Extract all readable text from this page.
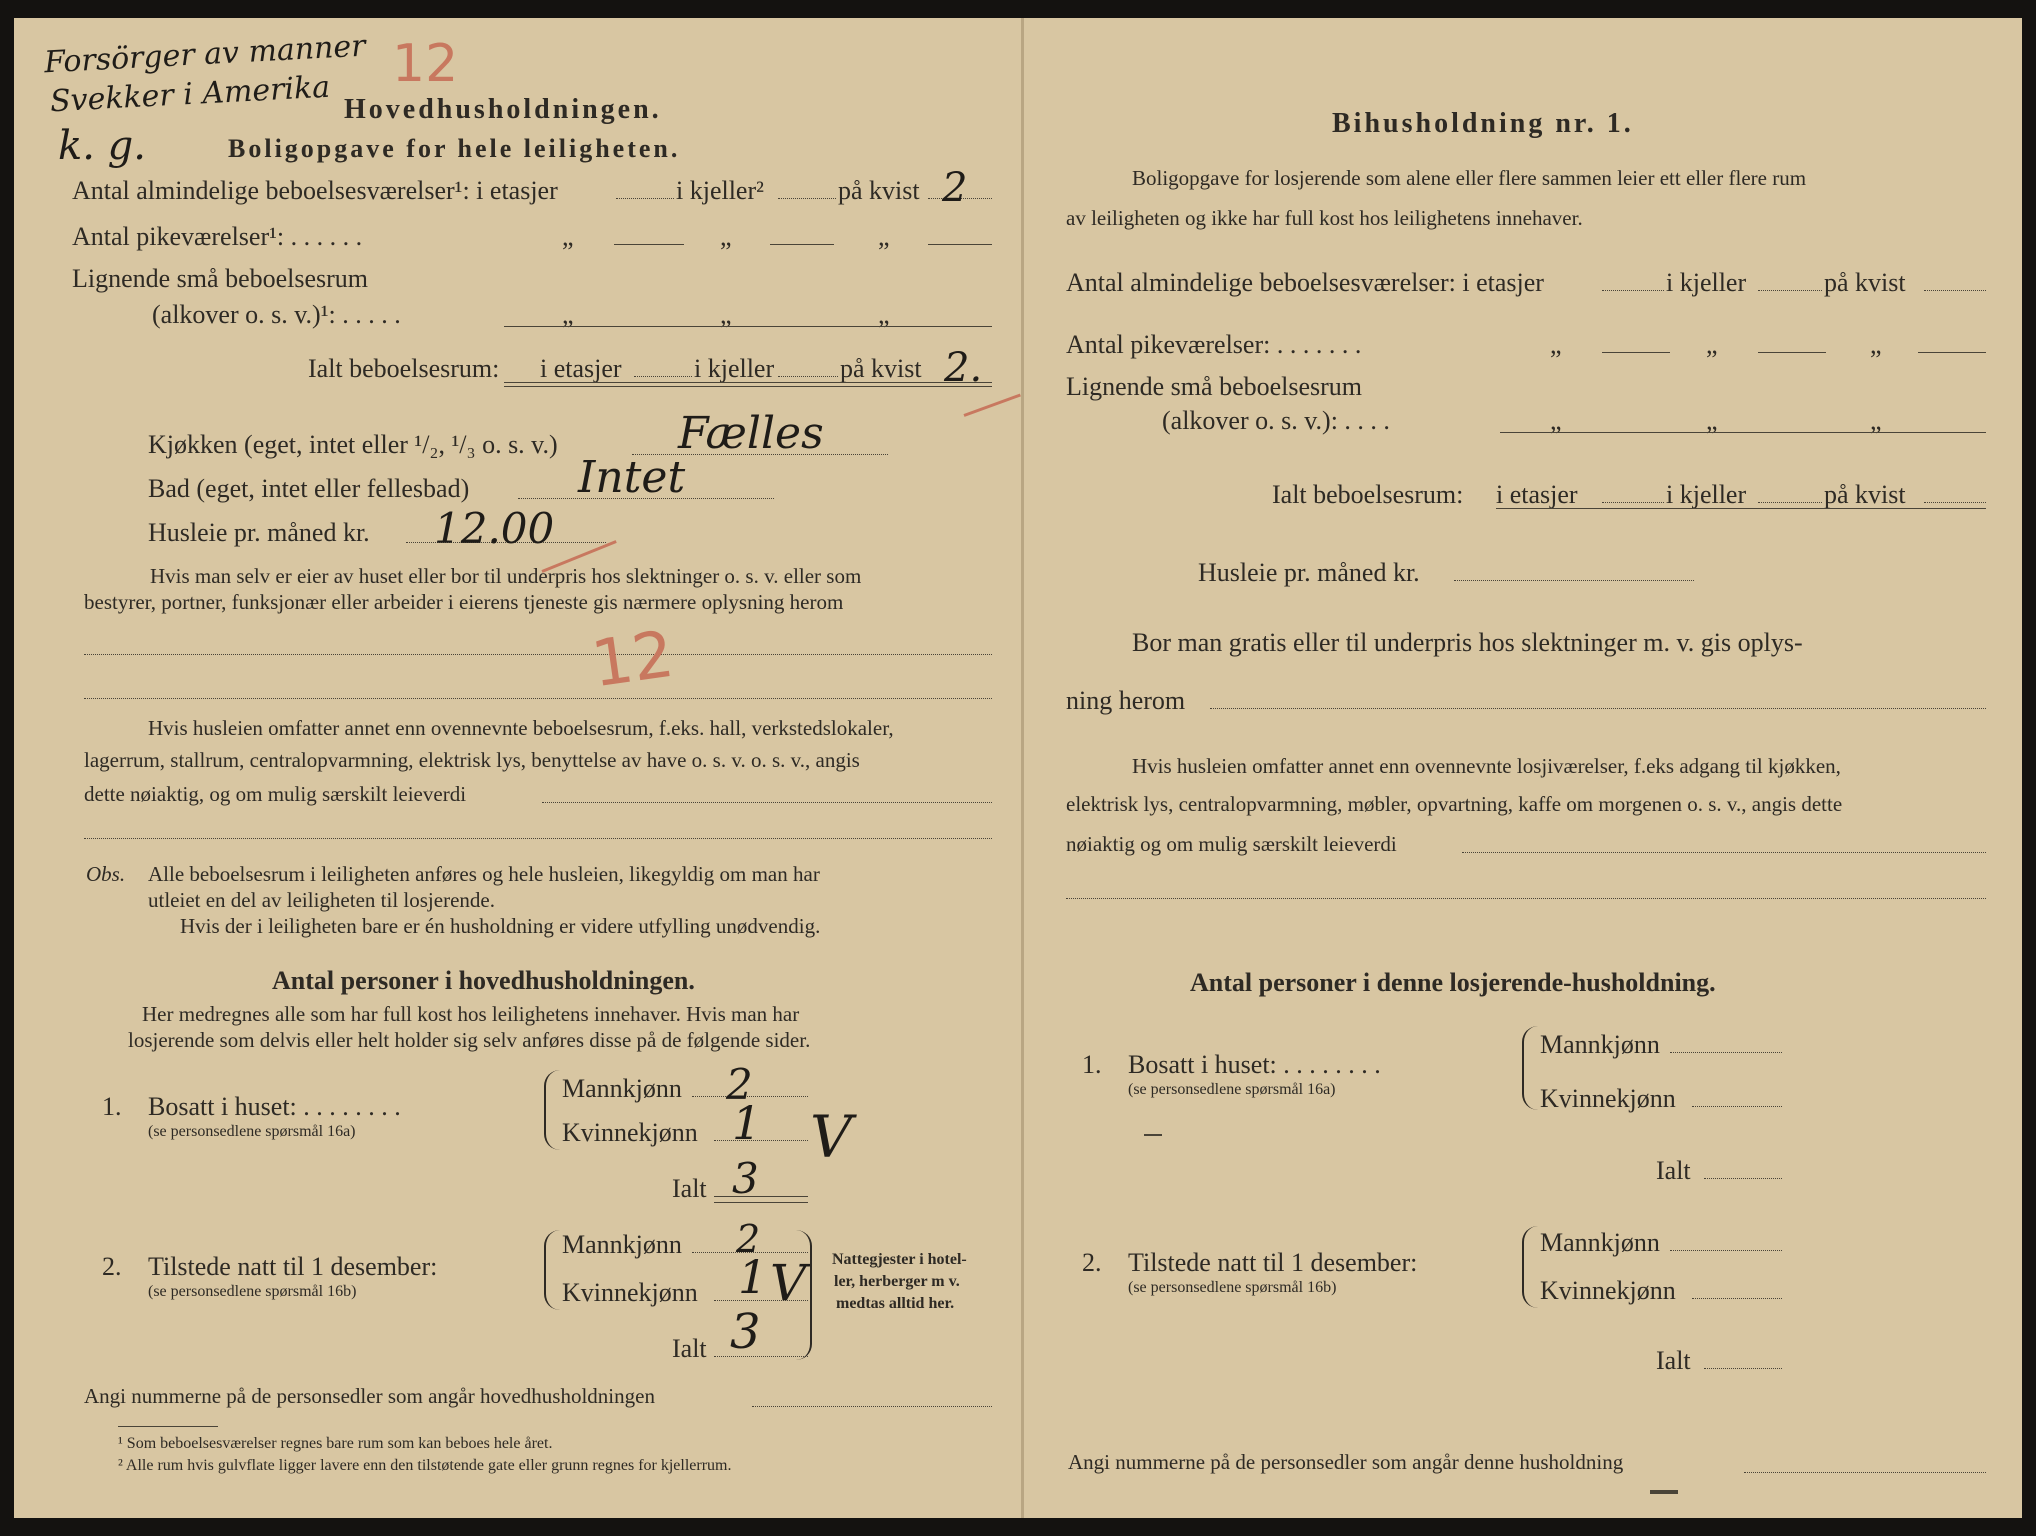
Forsörger av manner
Svekker i Amerika
k. g.
12
Hovedhusholdningen.
Boligopgave for hele leiligheten.
Antal almindelige beboelsesværelser¹: i etasjer	i kjeller²	på kvist 2
Antal pikeværelser¹: . . . . . .	„	„	„
Lignende små beboelsesrum
(alkover o. s. v.)¹: . . . . .	„	„	„
Ialt beboelsesrum: i etasjer	i kjeller	på kvist 2.
Kjøkken (eget, intet eller ¹/₂, ¹/₃ o. s. v.)	Fælles
Bad (eget, intet eller fellesbad) Intet
Husleie pr. måned kr. 12.00
Hvis man selv er eier av huset eller bor til underpris hos slektninger o. s. v. eller som
bestyrer, portner, funksjonær eller arbeider i eierens tjeneste gis nærmere oplysning herom
12
Hvis husleien omfatter annet enn ovennevnte beboelsesrum, f.eks. hall, verkstedslokaler,
lagerrum, stallrum, centralopvarmning, elektrisk lys, benyttelse av have o. s. v. o. s. v., angis
dette nøiaktig, og om mulig særskilt leieverdi
Obs. Alle beboelsesrum i leiligheten anføres og hele husleien, likegyldig om man har
utleiet en del av leiligheten til losjerende.
Hvis der i leiligheten bare er én husholdning er videre utfylling unødvendig.
Antal personer i hovedhusholdningen.
Her medregnes alle som har full kost hos leilighetens innehaver. Hvis man har
losjerende som delvis eller helt holder sig selv anføres disse på de følgende sider.
1. Bosatt i huset: . . . . . . . .
(se personsedlene spørsmål 16a)
Mannkjønn 2
Kvinnekjønn 1 V
Ialt 3
2. Tilstede natt til 1 desember:
(se personsedlene spørsmål 16b)
Mannkjønn 2
Kvinnekjønn 1 V
Ialt 3
Nattegjester i hotel-
ler, herberger m v.
medtas alltid her.
Angi nummerne på de personsedler som angår hovedhusholdningen
¹ Som beboelsesværelser regnes bare rum som kan beboes hele året.
² Alle rum hvis gulvflate ligger lavere enn den tilstøtende gate eller grunn regnes for kjellerrum.
Bihusholdning nr. 1.
Boligopgave for losjerende som alene eller flere sammen leier ett eller flere rum
av leiligheten og ikke har full kost hos leilighetens innehaver.
Antal almindelige beboelsesværelser: i etasjer	i kjeller	på kvist
Antal pikeværelser: . . . . . . .	„	„	„
Lignende små beboelsesrum
(alkover o. s. v.): . . . .	„	„	„
Ialt beboelsesrum: i etasjer	i kjeller	på kvist
Husleie pr. måned kr.
Bor man gratis eller til underpris hos slektninger m. v. gis oplys-
ning herom
Hvis husleien omfatter annet enn ovennevnte losjiværelser, f.eks adgang til kjøkken,
elektrisk lys, centralopvarmning, møbler, opvartning, kaffe om morgenen o. s. v., angis dette
nøiaktig og om mulig særskilt leieverdi
Antal personer i denne losjerende-husholdning.
1. Bosatt i huset: . . . . . . . .
(se personsedlene spørsmål 16a)
Mannkjønn
Kvinnekjønn
Ialt
2. Tilstede natt til 1 desember:
(se personsedlene spørsmål 16b)
Mannkjønn
Kvinnekjønn
Ialt
Angi nummerne på de personsedler som angår denne husholdning
